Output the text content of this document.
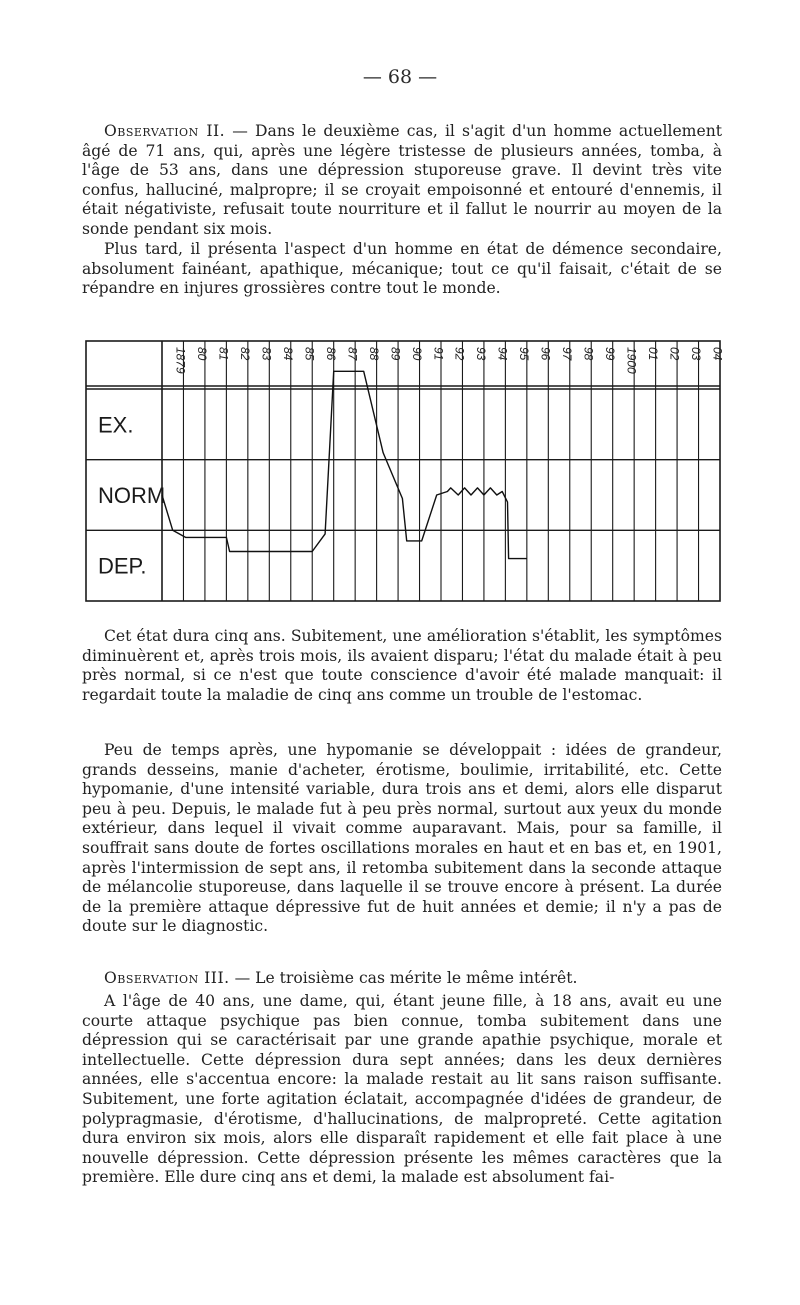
— 68 —

Observation II. — Dans le deuxième cas, il s'agit d'un homme actuellement âgé de 71 ans, qui, après une légère tristesse de plusieurs années, tomba, à l'âge de 53 ans, dans une dépression stuporeuse grave. Il devint très vite confus, halluciné, malpropre; il se croyait empoisonné et entouré d'ennemis, il était négativiste, refusait toute nourriture et il fallut le nourrir au moyen de la sonde pendant six mois.

Plus tard, il présenta l'aspect d'un homme en état de démence secondaire, absolument fainéant, apathique, mécanique; tout ce qu'il faisait, c'était de se répandre en injures grossières contre tout le monde.

1879 80 81 82 83 84 85 86 87 88 89 90 91 92 93 94 95 96 97 98 99 1900 01 02 03 04
EX.
NORM
DEP.

Cet état dura cinq ans. Subitement, une amélioration s'établit, les symptômes diminuèrent et, après trois mois, ils avaient disparu; l'état du malade était à peu près normal, si ce n'est que toute conscience d'avoir été malade manquait: il regardait toute la maladie de cinq ans comme un trouble de l'estomac.

Peu de temps après, une hypomanie se développait : idées de grandeur, grands desseins, manie d'acheter, érotisme, boulimie, irritabilité, etc. Cette hypomanie, d'une intensité variable, dura trois ans et demi, alors elle disparut peu à peu. Depuis, le malade fut à peu près normal, surtout aux yeux du monde extérieur, dans lequel il vivait comme auparavant. Mais, pour sa famille, il souffrait sans doute de fortes oscillations morales en haut et en bas et, en 1901, après l'intermission de sept ans, il retomba subitement dans la seconde attaque de mélancolie stuporeuse, dans laquelle il se trouve encore à présent. La durée de la première attaque dépressive fut de huit années et demie; il n'y a pas de doute sur le diagnostic.

Observation III. — Le troisième cas mérite le même intérêt.

A l'âge de 40 ans, une dame, qui, étant jeune fille, à 18 ans, avait eu une courte attaque psychique pas bien connue, tomba subitement dans une dépression qui se caractérisait par une grande apathie psychique, morale et intellectuelle. Cette dépression dura sept années; dans les deux dernières années, elle s'accentua encore: la malade restait au lit sans raison suffisante. Subitement, une forte agitation éclatait, accompagnée d'idées de grandeur, de polypragmasie, d'érotisme, d'hallucinations, de malpropreté. Cette agitation dura environ six mois, alors elle disparaît rapidement et elle fait place à une nouvelle dépression. Cette dépression présente les mêmes caractères que la première. Elle dure cinq ans et demi, la malade est absolument fai-
